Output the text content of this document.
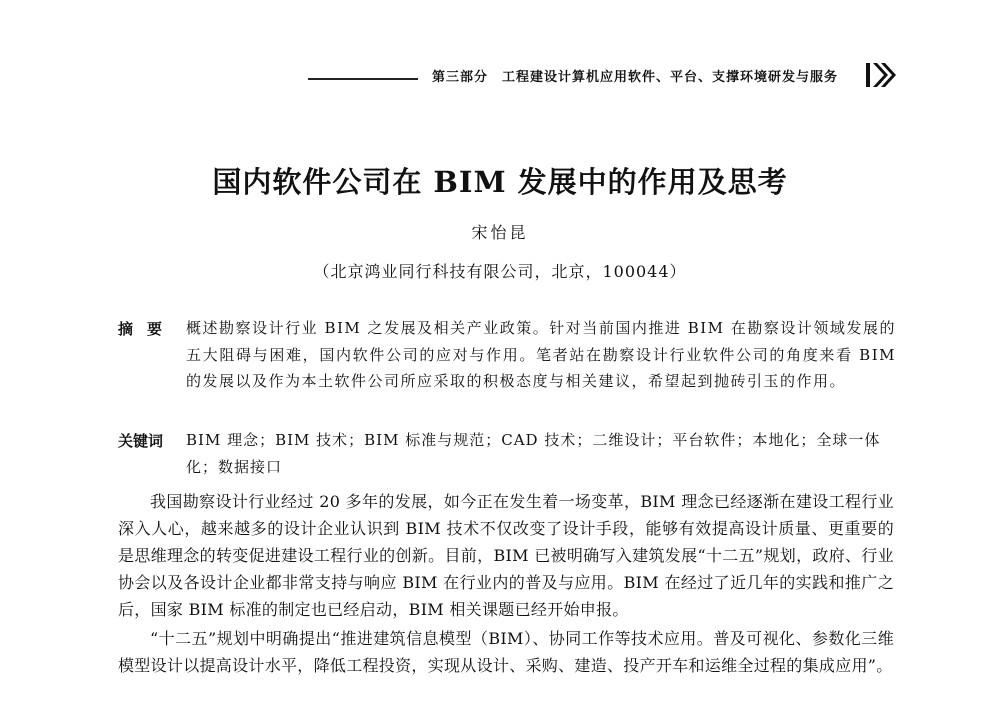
第三部分　工程建设计算机应用软件、平台、支撑环境研发与服务
国内软件公司在 BIM 发展中的作用及思考
宋怡昆
（北京鸿业同行科技有限公司，北京，100044）
摘要 概述勘察设计行业 BIM 之发展及相关产业政策。针对当前国内推进 BIM 在勘察设计领域发展的五大阻碍与困难，国内软件公司的应对与作用。笔者站在勘察设计行业软件公司的角度来看 BIM 的发展以及作为本土软件公司所应采取的积极态度与相关建议，希望起到抛砖引玉的作用。
关键词 BIM 理念；BIM 技术；BIM 标准与规范；CAD 技术；二维设计；平台软件；本地化；全球一体化；数据接口
我国勘察设计行业经过 20 多年的发展，如今正在发生着一场变革，BIM 理念已经逐渐在建设工程行业深入人心，越来越多的设计企业认识到 BIM 技术不仅改变了设计手段，能够有效提高设计质量、更重要的是思维理念的转变促进建设工程行业的创新。目前，BIM 已被明确写入建筑发展“十二五”规划，政府、行业协会以及各设计企业都非常支持与响应 BIM 在行业内的普及与应用。BIM 在经过了近几年的实践和推广之后，国家 BIM 标准的制定也已经启动，BIM 相关课题已经开始申报。
“十二五”规划中明确提出“推进建筑信息模型（BIM）、协同工作等技术应用。普及可视化、参数化三维模型设计以提高设计水平，降低工程投资，实现从设计、采购、建造、投产开车和运维全过程的集成应用”。
